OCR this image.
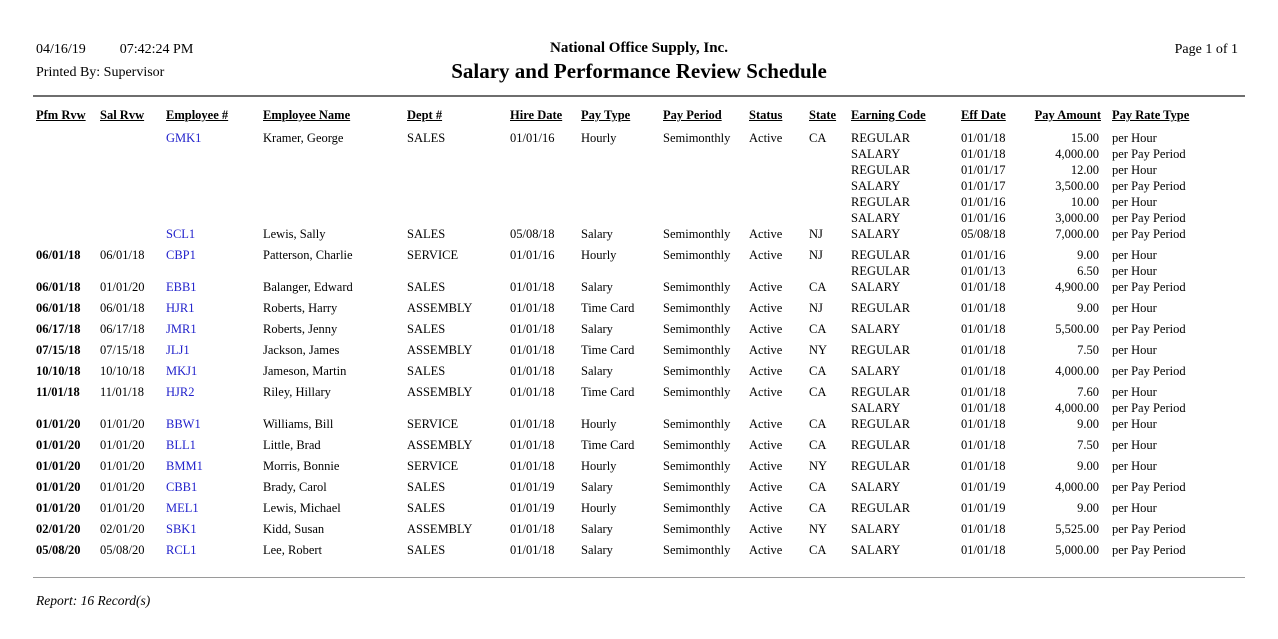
04/16/19 07:42:24 PM
Printed By: Supervisor
National Office Supply, Inc.
Salary and Performance Review Schedule
Page 1 of 1
Pfm Rvw	Sal Rvw	Employee #	Employee Name	Dept #	Hire Date	Pay Type	Pay Period	Status	State	Earning Code	Eff Date	Pay Amount	Pay Rate Type
		GMK1	Kramer, George	SALES	01/01/16	Hourly	Semimonthly	Active	CA	REGULAR	01/01/18	15.00	per Hour
										SALARY	01/01/18	4,000.00	per Pay Period
										REGULAR	01/01/17	12.00	per Hour
										SALARY	01/01/17	3,500.00	per Pay Period
										REGULAR	01/01/16	10.00	per Hour
										SALARY	01/01/16	3,000.00	per Pay Period
		SCL1	Lewis, Sally	SALES	05/08/18	Salary	Semimonthly	Active	NJ	SALARY	05/08/18	7,000.00	per Pay Period
06/01/18	06/01/18	CBP1	Patterson, Charlie	SERVICE	01/01/16	Hourly	Semimonthly	Active	NJ	REGULAR	01/01/16	9.00	per Hour
										REGULAR	01/01/13	6.50	per Hour
06/01/18	01/01/20	EBB1	Balanger, Edward	SALES	01/01/18	Salary	Semimonthly	Active	CA	SALARY	01/01/18	4,900.00	per Pay Period
06/01/18	06/01/18	HJR1	Roberts, Harry	ASSEMBLY	01/01/18	Time Card	Semimonthly	Active	NJ	REGULAR	01/01/18	9.00	per Hour
06/17/18	06/17/18	JMR1	Roberts, Jenny	SALES	01/01/18	Salary	Semimonthly	Active	CA	SALARY	01/01/18	5,500.00	per Pay Period
07/15/18	07/15/18	JLJ1	Jackson, James	ASSEMBLY	01/01/18	Time Card	Semimonthly	Active	NY	REGULAR	01/01/18	7.50	per Hour
10/10/18	10/10/18	MKJ1	Jameson, Martin	SALES	01/01/18	Salary	Semimonthly	Active	CA	SALARY	01/01/18	4,000.00	per Pay Period
11/01/18	11/01/18	HJR2	Riley, Hillary	ASSEMBLY	01/01/18	Time Card	Semimonthly	Active	CA	REGULAR	01/01/18	7.60	per Hour
										SALARY	01/01/18	4,000.00	per Pay Period
01/01/20	01/01/20	BBW1	Williams, Bill	SERVICE	01/01/18	Hourly	Semimonthly	Active	CA	REGULAR	01/01/18	9.00	per Hour
01/01/20	01/01/20	BLL1	Little, Brad	ASSEMBLY	01/01/18	Time Card	Semimonthly	Active	CA	REGULAR	01/01/18	7.50	per Hour
01/01/20	01/01/20	BMM1	Morris, Bonnie	SERVICE	01/01/18	Hourly	Semimonthly	Active	NY	REGULAR	01/01/18	9.00	per Hour
01/01/20	01/01/20	CBB1	Brady, Carol	SALES	01/01/19	Salary	Semimonthly	Active	CA	SALARY	01/01/19	4,000.00	per Pay Period
01/01/20	01/01/20	MEL1	Lewis, Michael	SALES	01/01/19	Hourly	Semimonthly	Active	CA	REGULAR	01/01/19	9.00	per Hour
02/01/20	02/01/20	SBK1	Kidd, Susan	ASSEMBLY	01/01/18	Salary	Semimonthly	Active	NY	SALARY	01/01/18	5,525.00	per Pay Period
05/08/20	05/08/20	RCL1	Lee, Robert	SALES	01/01/18	Salary	Semimonthly	Active	CA	SALARY	01/01/18	5,000.00	per Pay Period
Report: 16 Record(s)
